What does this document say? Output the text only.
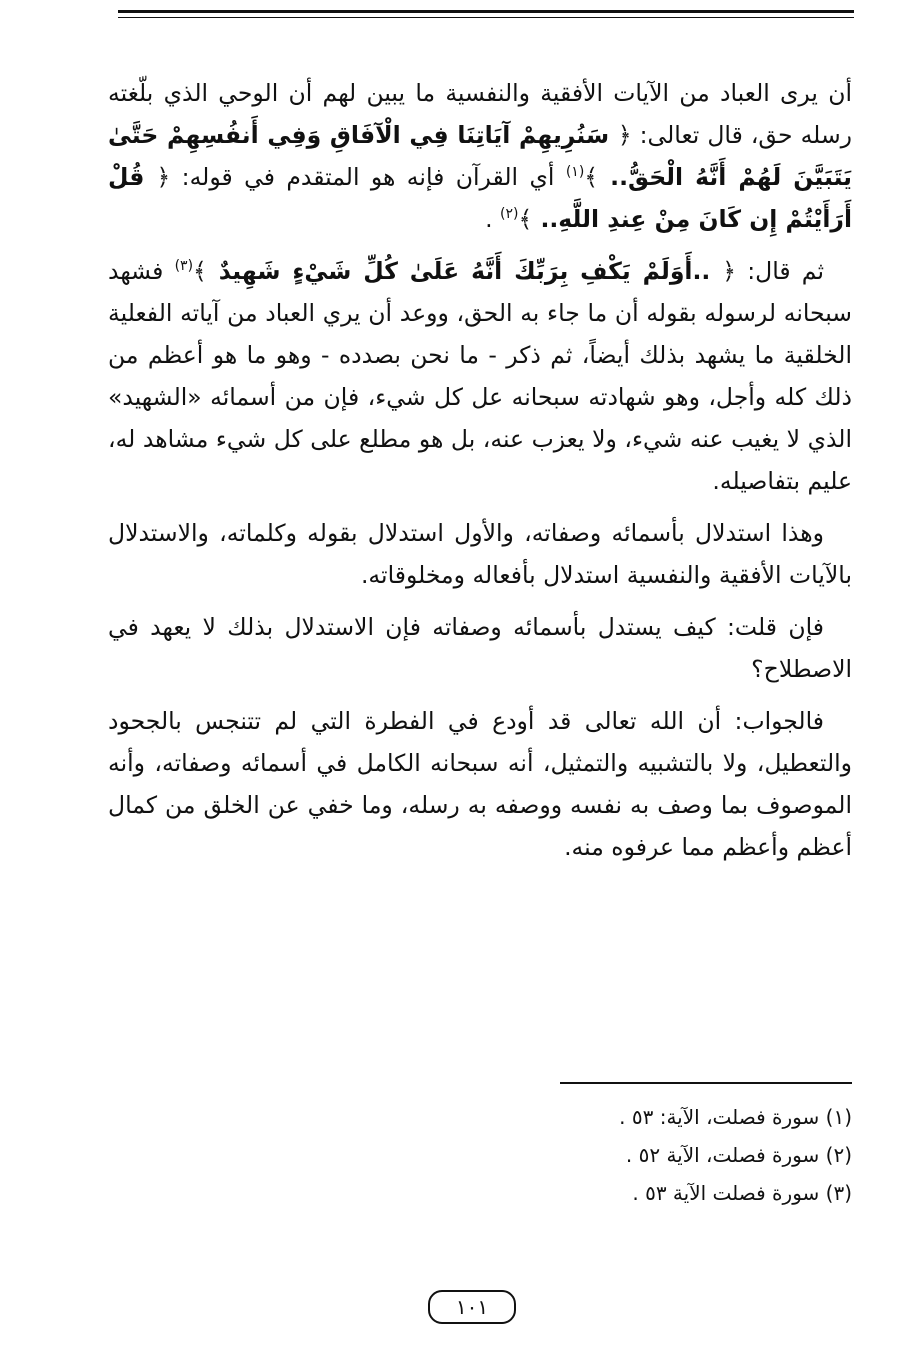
أن يرى العباد من الآيات الأفقية والنفسية ما يبين لهم أن الوحي الذي بلّغته رسله حق، قال تعالى: ﴿ سَنُرِيهِمْ آيَاتِنَا فِي الْآفَاقِ وَفِي أَنفُسِهِمْ حَتَّىٰ يَتَبَيَّنَ لَهُمْ أَنَّهُ الْحَقُّ.. ﴾$^{(١)}$ أي القرآن فإنه هو المتقدم في قوله: ﴿ قُلْ أَرَأَيْتُمْ إِن كَانَ مِنْ عِندِ اللَّهِ.. ﴾$^{(٢)}$ .

ثم قال: ﴿ ..أَوَلَمْ يَكْفِ بِرَبِّكَ أَنَّهُ عَلَىٰ كُلِّ شَيْءٍ شَهِيدٌ ﴾$^{(٣)}$ فشهد سبحانه لرسوله بقوله أن ما جاء به الحق، ووعد أن يري العباد من آياته الفعلية الخلقية ما يشهد بذلك أيضاً، ثم ذكر - ما نحن بصدده - وهو ما هو أعظم من ذلك كله وأجل، وهو شهادته سبحانه عل كل شيء، فإن من أسمائه «الشهيد» الذي لا يغيب عنه شيء، ولا يعزب عنه، بل هو مطلع على كل شيء مشاهد له، عليم بتفاصيله.

وهذا استدلال بأسمائه وصفاته، والأول استدلال بقوله وكلماته، والاستدلال بالآيات الأفقية والنفسية استدلال بأفعاله ومخلوقاته.

فإن قلت: كيف يستدل بأسمائه وصفاته فإن الاستدلال بذلك لا يعهد في الاصطلاح؟

فالجواب: أن الله تعالى قد أودع في الفطرة التي لم تتنجس بالجحود والتعطيل، ولا بالتشبيه والتمثيل، أنه سبحانه الكامل في أسمائه وصفاته، وأنه الموصوف بما وصف به نفسه ووصفه به رسله، وما خفي عن الخلق من كمال أعظم وأعظم مما عرفوه منه.

(١) سورة فصلت، الآية: ٥٣ .
(٢) سورة فصلت، الآية ٥٢ .
(٣) سورة فصلت الآية ٥٣ .
١٠١
